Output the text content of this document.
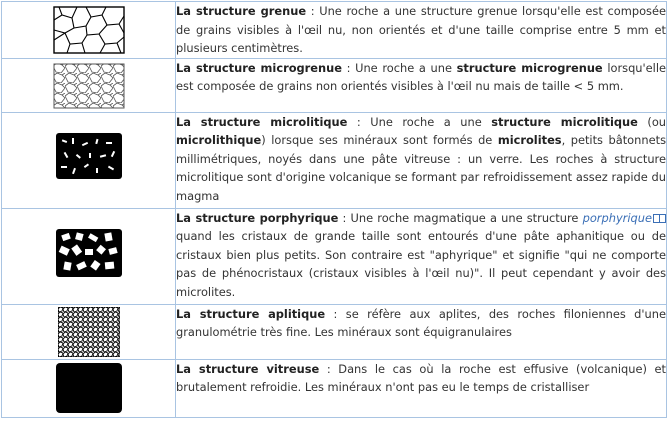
	La structure grenue : Une roche a une structure grenue lorsqu'elle est composée de grains visibles à l'œil nu, non orientés et d'une taille comprise entre 5 mm et plusieurs centimètres.

	La structure microgrenue : Une roche a une structure microgrenue lorsqu'elle est composée de grains non orientés visibles à l'œil nu mais de taille < 5 mm.

	La structure microlitique : Une roche a une structure microlitique (ou microlithique) lorsque ses minéraux sont formés de microlites, petits bâtonnets millimétriques, noyés dans une pâte vitreuse : un verre. Les roches à structure microlitique sont d'origine volcanique se formant par refroidissement assez rapide du magma

	La structure porphyrique : Une roche magmatique a une structure porphyrique quand les cristaux de grande taille sont entourés d'une pâte aphanitique ou de cristaux bien plus petits. Son contraire est "aphyrique" et signifie "qui ne comporte pas de phénocristaux (cristaux visibles à l'œil nu)". Il peut cependant y avoir des microlites.

	La structure aplitique : se réfère aux aplites, des roches filoniennes d'une granulométrie très fine. Les minéraux sont équigranulaires

	La structure vitreuse : Dans le cas où la roche est effusive (volcanique) et brutalement refroidie. Les minéraux n'ont pas eu le temps de cristalliser
